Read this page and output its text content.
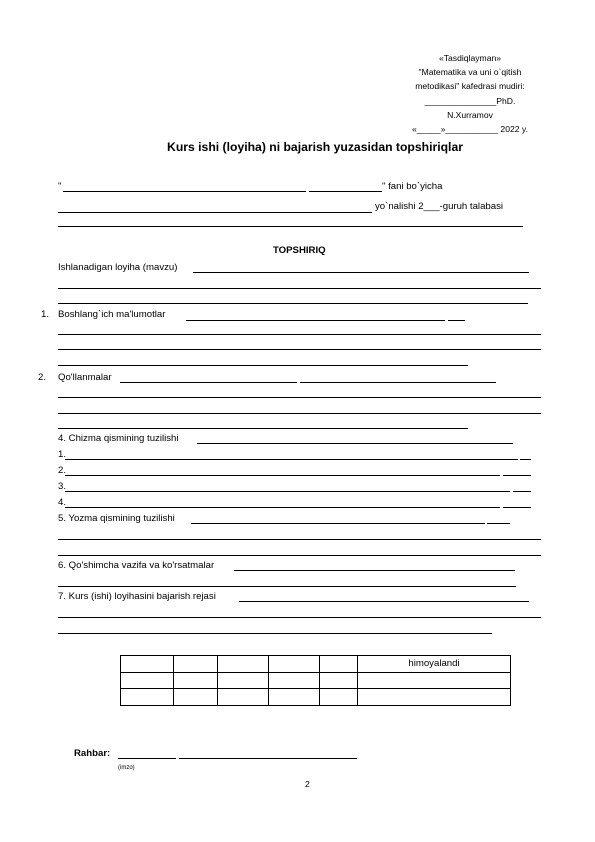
«Tasdiqlayman»
"Matematika va uni o`qitish
metodikasi" kafedrasi mudiri:
_______________PhD.
N.Xurramov
«_____»___________ 2022 y.
Kurs ishi (loyiha) ni bajarish yuzasidan topshiriqlar
"	" fani bo`yicha
yo`nalishi 2___-guruh talabasi
TOPSHIRIQ
Ishlanadigan loyiha (mavzu)
1. Boshlang`ich ma'lumotlar
2. Qo'llanmalar
4. Chizma qismining tuzilishi
1.
2.
3.
4.
5. Yozma qismining tuzilishi
6. Qo'shimcha vazifa va ko'rsatmalar
7. Kurs (ishi) loyihasini bajarish rejasi
					himoyalandi

Rahbar:
(imzo)
2
